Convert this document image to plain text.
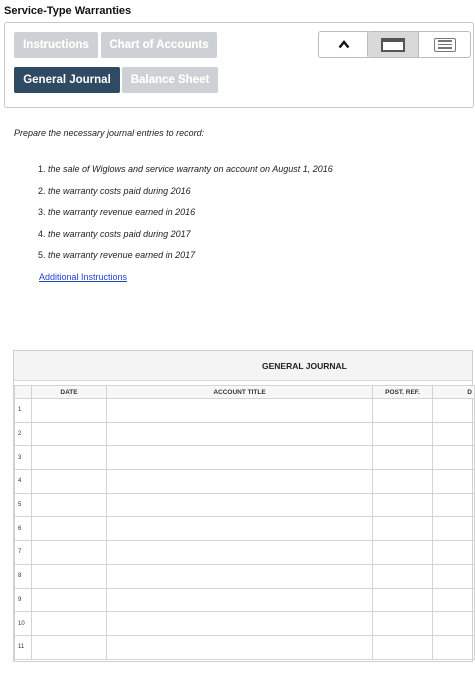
Service-Type Warranties
Instructions Chart of Accounts
General Journal Balance Sheet
Prepare the necessary journal entries to record:
1. the sale of Wiglows and service warranty on account on August 1, 2016
2. the warranty costs paid during 2016
3. the warranty revenue earned in 2016
4. the warranty costs paid during 2017
5. the warranty revenue earned in 2017
Additional Instructions
GENERAL JOURNAL
	DATE	ACCOUNT TITLE	POST. REF.	D
1				
2				
3				
4				
5				
6				
7				
8				
9				
10				
11				
